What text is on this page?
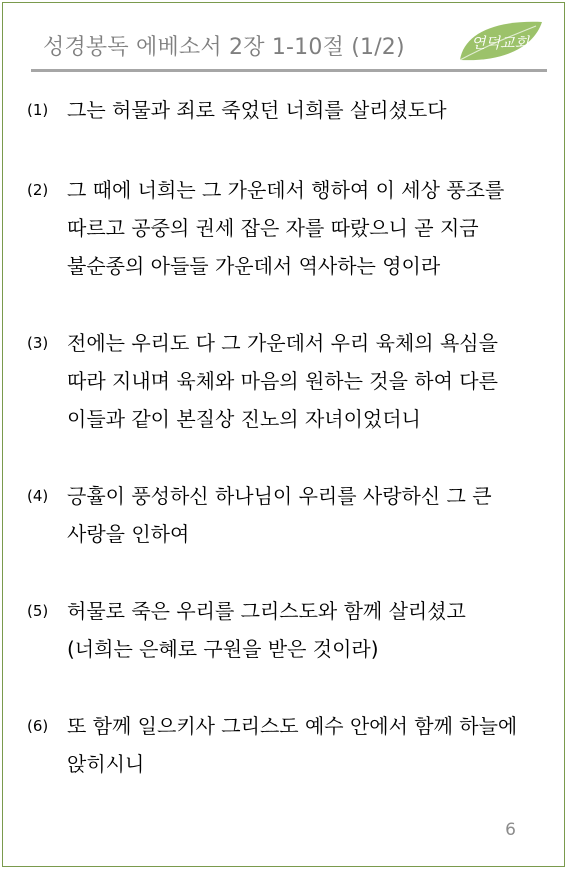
성경봉독 에베소서 2장 1-10절 (1/2)	연덕교회
(1) 그는 허물과 죄로 죽었던 너희를 살리셨도다
(2) 그 때에 너희는 그 가운데서 행하여 이 세상 풍조를
따르고 공중의 권세 잡은 자를 따랐으니 곧 지금
불순종의 아들들 가운데서 역사하는 영이라
(3) 전에는 우리도 다 그 가운데서 우리 육체의 욕심을
따라 지내며 육체와 마음의 원하는 것을 하여 다른
이들과 같이 본질상 진노의 자녀이었더니
(4) 긍휼이 풍성하신 하나님이 우리를 사랑하신 그 큰
사랑을 인하여
(5) 허물로 죽은 우리를 그리스도와 함께 살리셨고
(너희는 은혜로 구원을 받은 것이라)
(6) 또 함께 일으키사 그리스도 예수 안에서 함께 하늘에
앉히시니
6
